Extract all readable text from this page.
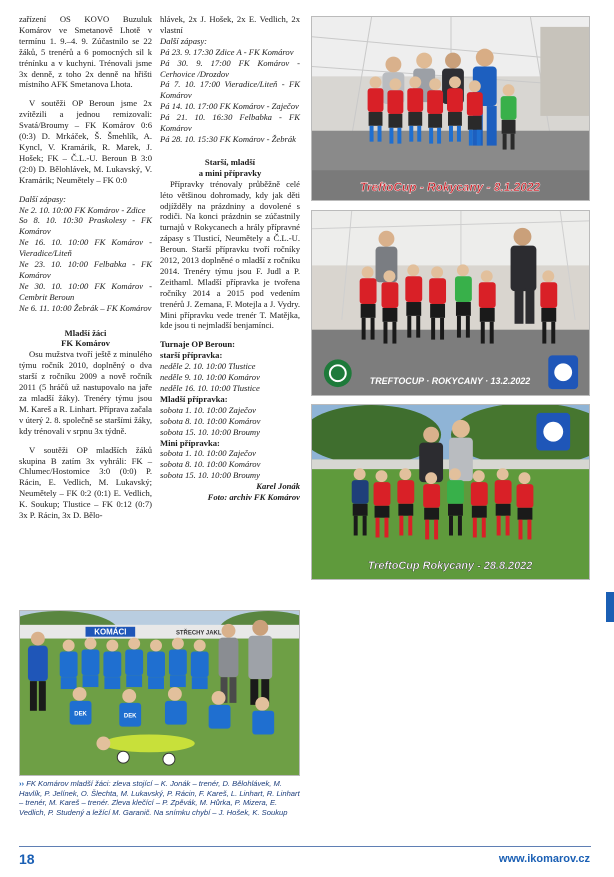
zařízení OS KOVO Buzuluk Komárov ve Smetanově Lhotě v termínu 1. 9.–4. 9. Zúčastnilo se 22 žáků, 5 trenérů a 6 pomocných sil k trénínku a v kuchyni. Trénovali jsme 3x denně, z toho 2x denně na hřišti místního AFK Smetanova Lhota.

V soutěži OP Beroun jsme 2x zvítězili a jednou remizovali: Svatá/Broumy – FK Komárov 0:6 (0:3) D. Mrkáček, Š. Šmehlík, A. Kyncl, V. Kramárik, R. Marek, J. Hošek; FK – Č.L.-U. Beroun B 3:0 (2:0) D. Bělohlávek, M. Lukavský, V. Kramárik; Neumětely – FK 0:0

Další zápasy:

Ne 2. 10. 10:00 FK Komárov - Zdice

So 8. 10. 10:30 Praskolesy - FK Komárov

Ne 16. 10. 10:00 FK Komárov - Vieradice/Liteň

Ne 23. 10. 10:00 Felbabka - FK Komárov

Ne 30. 10. 10:00 FK Komárov - Cembrit Beroun

Ne 6. 11. 10:00 Žebrák – FK Komárov

Mladší žáci

FK Komárov

Osu mužstva tvoří ještě z minulého týmu ročník 2010, doplněný o dva starší z ročníku 2009 a nově ročník 2011 (5 hráčů už nastupovalo na jaře za mladší žáky). Trenéry týmu jsou M. Kareš a R. Linhart. Příprava začala v úterý 2. 8. společně se staršími žáky, kdy trénovali v srpnu 3x týdně.

V soutěži OP mladších žáků skupina B zatím 3x vyhráli: FK – Chlumec/Hostomice 3:0 (0:0) P. Rácin, E. Vedlich, M. Lukavský; Neumětely – FK 0:2 (0:1) E. Vedlich, K. Soukup; Tlustice – FK 0:12 (0:7) 3x P. Rácin, 3x D. Bělo-

hlávek, 2x J. Hošek, 2x E. Vedlich, 2x vlastní

Další zápasy:

Pá 23. 9. 17:30 Zdice A - FK Komárov

Pá 30. 9. 17:00 FK Komárov - Cerhovice /Drozdov

Pá 7. 10. 17:00 Vieradice/Liteň - FK Komárov

Pá 14. 10. 17:00 FK Komárov - Zaječov

Pá 21. 10. 16:30 Felbabka - FK Komárov

Pá 28. 10. 15:30 FK Komárov - Žebrák

Starší, mladší

a mini přípravky

Přípravky trénovaly průběžně celé léto většinou dohromady, kdy jak děti odjížděly na prázdniny a dovolené s rodiči. Na konci prázdnin se zúčastnily turnajů v Rokycanech a hrály přípravné zápasy s Tlusticí, Neumětely a Č.L.-U. Beroun. Starší přípravku tvoří ročníky 2012, 2013 doplněné o mladší z ročníku 2014. Trenéry týmu jsou F. Judl a P. Zeithaml. Mladší přípravka je tvořena ročníky 2014 a 2015 pod vedením trenérů J. Zemana, F. Motejla a J. Vydry. Mini přípravku vede trenér T. Matějka, kde jsou ti nejmladší benjamínci.

Turnaje OP Beroun:

starší přípravka:

neděle 2. 10. 10:00 Tlustice

neděle 9. 10. 10:00 Komárov

neděle 16. 10. 10:00 Tlustice

Mladší přípravka:

sobota 1. 10. 10:00 Zaječov

sobota 8. 10. 10:00 Komárov

sobota 15. 10. 10:00 Broumy

Mini přípravka:

sobota 1. 10. 10:00 Zaječov

sobota 8. 10. 10:00 Komárov

sobota 15. 10. 10:00 Broumy

Karel Jonák

Foto: archiv FK Komárov

TreftoCup - Rokycany - 8.1.2022
TREFTOCUP · ROKYCANY · 13.2.2022
TreftoCup Rokycany - 28.8.2022
KOMÁCI	STŘECHY JAKL
DEK	DEK
›› FK Komárov mladší žáci: zleva stojící – K. Jonák – trenér, D. Bělohlávek, M. Havlík, P. Jelínek, O. Šlechta, M. Lukavský, P. Rácin, F. Kareš, L. Linhart, R. Linhart – trenér, M. Kareš – trenér. Zleva klečící – P. Zpěvák, M. Hůrka, P. Mizera, E. Vedlich, P. Studený a ležící M. Garanič. Na snímku chybí – J. Hošek, K. Soukup
18	www.ikomarov.cz
